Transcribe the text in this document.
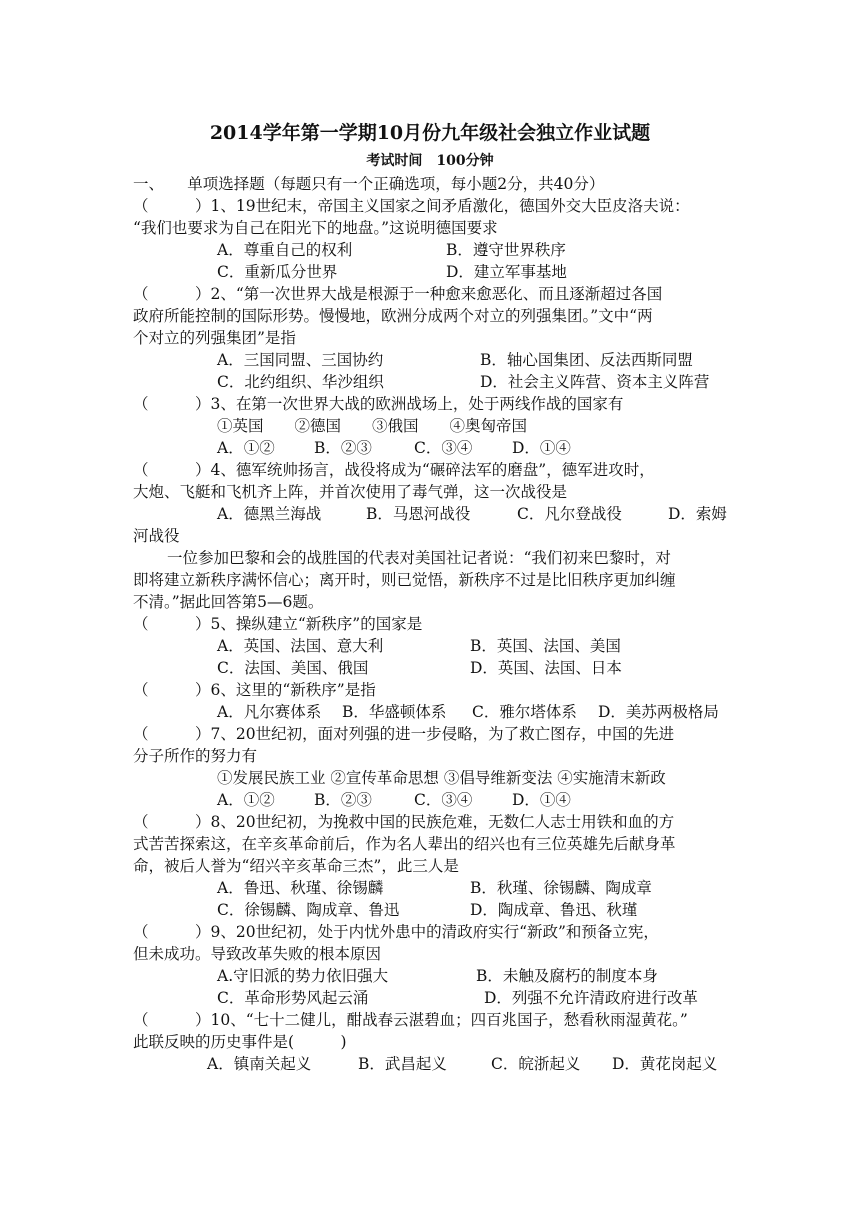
2014学年第一学期10月份九年级社会独立作业试题
考试时间　100分钟
一、　　单项选择题（每题只有一个正确选项，每小题2分，共40分）
（　　　）1、19世纪末，帝国主义国家之间矛盾激化，德国外交大臣皮洛夫说：
“我们也要求为自己在阳光下的地盘。”这说明德国要求
A．尊重自己的权利	B．遵守世界秩序
C．重新瓜分世界	D．建立军事基地
（　　　）2、“第一次世界大战是根源于一种愈来愈恶化、而且逐渐超过各国
政府所能控制的国际形势。慢慢地，欧洲分成两个对立的列强集团。”文中“两
个对立的列强集团”是指
A．三国同盟、三国协约	B．轴心国集团、反法西斯同盟
C．北约组织、华沙组织	D．社会主义阵营、资本主义阵营
（　　　）3、在第一次世界大战的欧洲战场上，处于两线作战的国家有
①英国　　②德国　　③俄国　　④奥匈帝国
A．①②	B．②③	C．③④	D．①④
（　　　）4、德军统帅扬言，战役将成为“碾碎法军的磨盘”，德军进攻时，
大炮、飞艇和飞机齐上阵，并首次使用了毒气弹，这一次战役是
A．德黑兰海战	B．马恩河战役	C．凡尔登战役	D．索姆
河战役
一位参加巴黎和会的战胜国的代表对美国社记者说：“我们初来巴黎时，对
即将建立新秩序满怀信心；离开时，则已觉悟，新秩序不过是比旧秩序更加纠缠
不清。”据此回答第5—6题。
（　　　）5、操纵建立“新秩序”的国家是
A．英国、法国、意大利	B．英国、法国、美国
C．法国、美国、俄国	D．英国、法国、日本
（　　　）6、这里的“新秩序”是指
A．凡尔赛体系 B．华盛顿体系 C．雅尔塔体系 D．美苏两极格局
（　　　）7、20世纪初，面对列强的进一步侵略，为了救亡图存，中国的先进
分子所作的努力有
①发展民族工业 ②宣传革命思想 ③倡导维新变法 ④实施清末新政
A．①②	B．②③	C．③④	D．①④
（　　　）8、20世纪初，为挽救中国的民族危难，无数仁人志士用铁和血的方
式苦苦探索这，在辛亥革命前后，作为名人辈出的绍兴也有三位英雄先后献身革
命，被后人誉为“绍兴辛亥革命三杰”，此三人是
A．鲁迅、秋瑾、徐锡麟	B．秋瑾、徐锡麟、陶成章
C．徐锡麟、陶成章、鲁迅	D．陶成章、鲁迅、秋瑾
（　　　）9、20世纪初，处于内忧外患中的清政府实行“新政”和预备立宪，
但未成功。导致改革失败的根本原因
A.守旧派的势力依旧强大	B．未触及腐朽的制度本身
C．革命形势风起云涌	D．列强不允许清政府进行改革
（　　　）10、“七十二健儿，酣战春云湛碧血；四百兆国子，愁看秋雨湿黄花。”
此联反映的历史事件是(　　　)
A．镇南关起义	B．武昌起义	C．皖浙起义 D．黄花岗起义
